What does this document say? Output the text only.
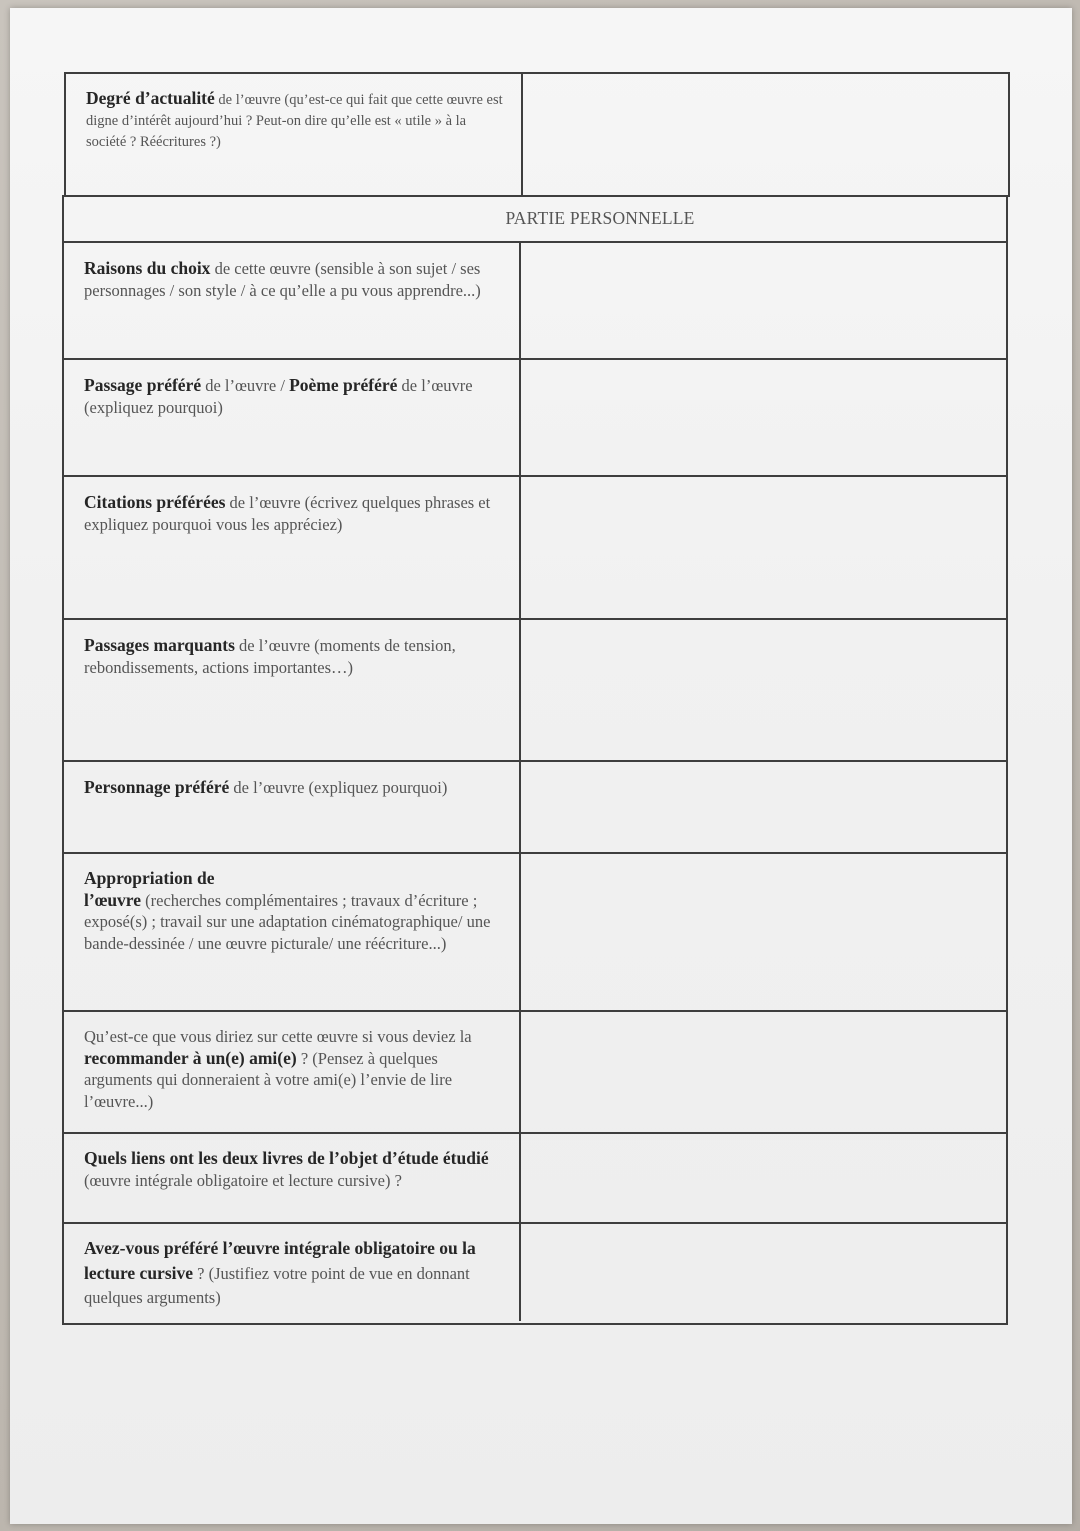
Degré d’actualité de l’œuvre (qu’est-ce qui fait que cette œuvre est digne d’intérêt aujourd’hui ? Peut-on dire qu’elle est « utile » à la société ? Réécritures ?)
PARTIE PERSONNELLE
Raisons du choix de cette œuvre (sensible à son sujet / ses personnages / son style / à ce qu’elle a pu vous apprendre...)
Passage préféré de l’œuvre / Poème préféré de l’œuvre (expliquez pourquoi)
Citations préférées de l’œuvre (écrivez quelques phrases et expliquez pourquoi vous les appréciez)
Passages marquants de l’œuvre (moments de tension, rebondissements, actions importantes…)
Personnage préféré de l’œuvre (expliquez pourquoi)
Appropriation de
l’œuvre (recherches complémentaires ; travaux d’écriture ; exposé(s) ; travail sur une adaptation cinématographique/ une bande-dessinée / une œuvre picturale/ une réécriture...)
Qu’est-ce que vous diriez sur cette œuvre si vous deviez la recommander à un(e) ami(e) ? (Pensez à quelques arguments qui donneraient à votre ami(e) l’envie de lire l’œuvre...)
Quels liens ont les deux livres de l’objet d’étude étudié (œuvre intégrale obligatoire et lecture cursive) ?
Avez-vous préféré l’œuvre intégrale obligatoire ou la lecture cursive ? (Justifiez votre point de vue en donnant quelques arguments)
